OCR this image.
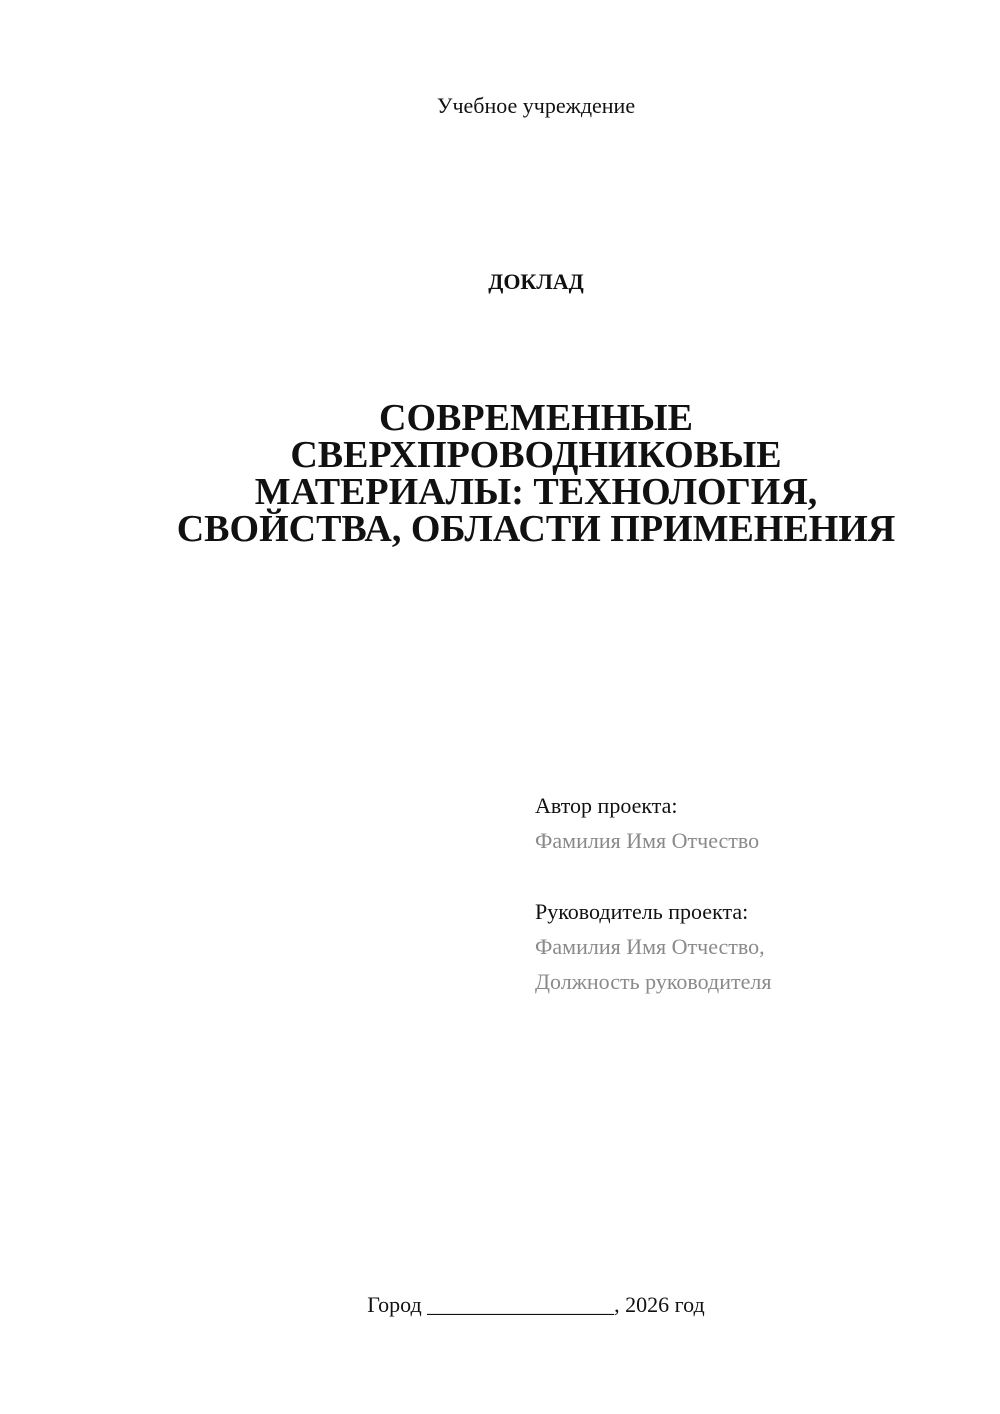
Учебное учреждение
ДОКЛАД
СОВРЕМЕННЫЕ
СВЕРХПРОВОДНИКОВЫЕ
МАТЕРИАЛЫ: ТЕХНОЛОГИЯ,
СВОЙСТВА, ОБЛАСТИ ПРИМЕНЕНИЯ
Автор проекта:
Фамилия Имя Отчество
Руководитель проекта:
Фамилия Имя Отчество,
Должность руководителя
Город _________________, 2026 год
